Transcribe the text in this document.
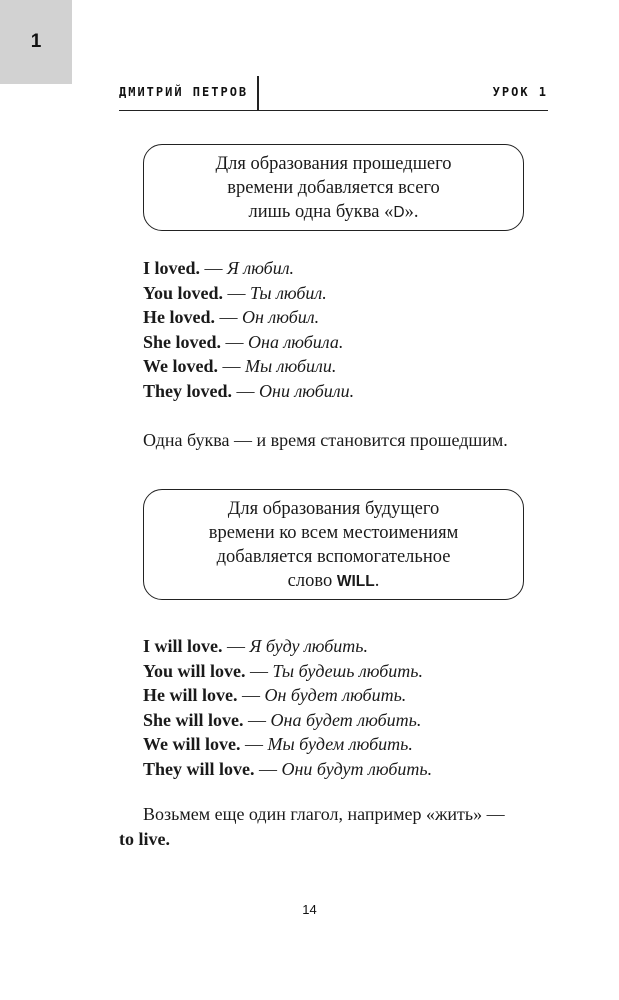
1
ДМИТРИЙ ПЕТРОВ	УРОК 1
Для образования прошедшего
времени добавляется всего
лишь одна буква «D».
I loved. — Я любил.
You loved. — Ты любил.
He loved. — Он любил.
She loved. — Она любила.
We loved. — Мы любили.
They loved. — Они любили.
Одна буква — и время становится прошедшим.
Для образования будущего
времени ко всем местоимениям
добавляется вспомогательное
слово WILL.
I will love. — Я буду любить.
You will love. — Ты будешь любить.
He will love. — Он будет любить.
She will love. — Она будет любить.
We will love. — Мы будем любить.
They will love. — Они будут любить.
Возьмем еще один глагол, например «жить» —
to live.
14
